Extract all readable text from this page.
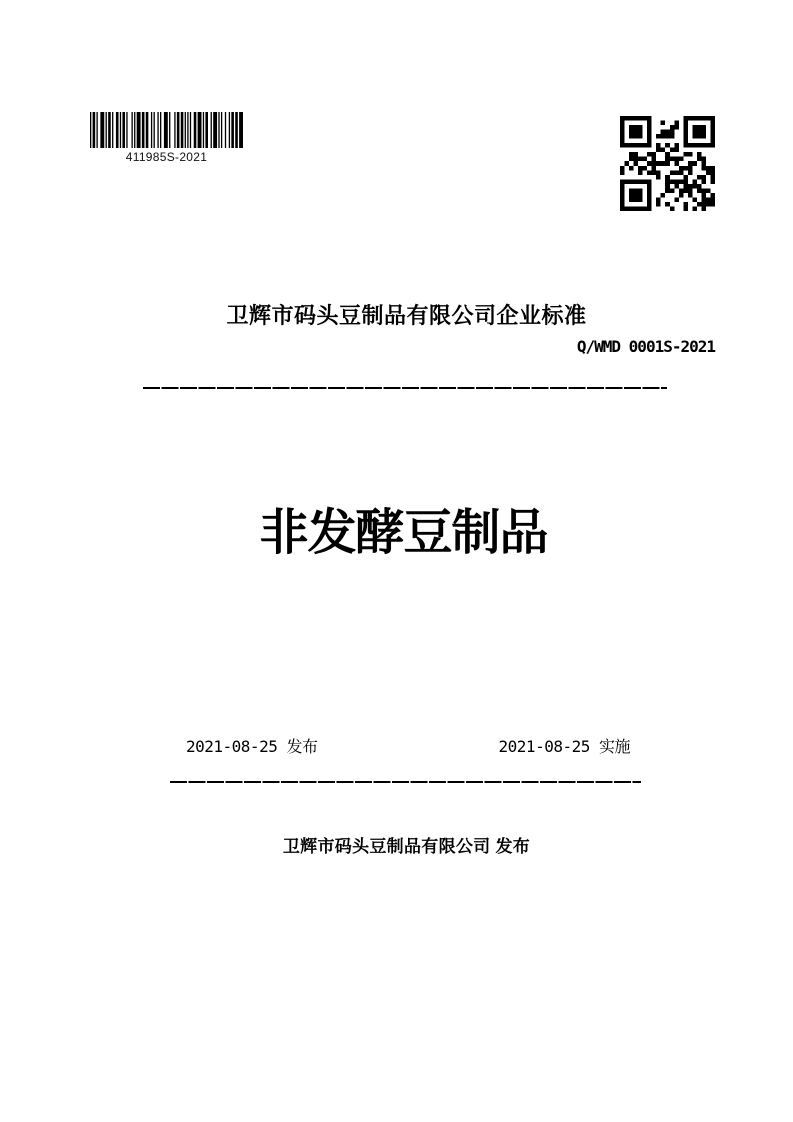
411985S-2021
卫辉市码头豆制品有限公司企业标准
Q/WMD 0001S-2021
非发酵豆制品
2021-08-25 发布	2021-08-25 实施
卫辉市码头豆制品有限公司 发布
